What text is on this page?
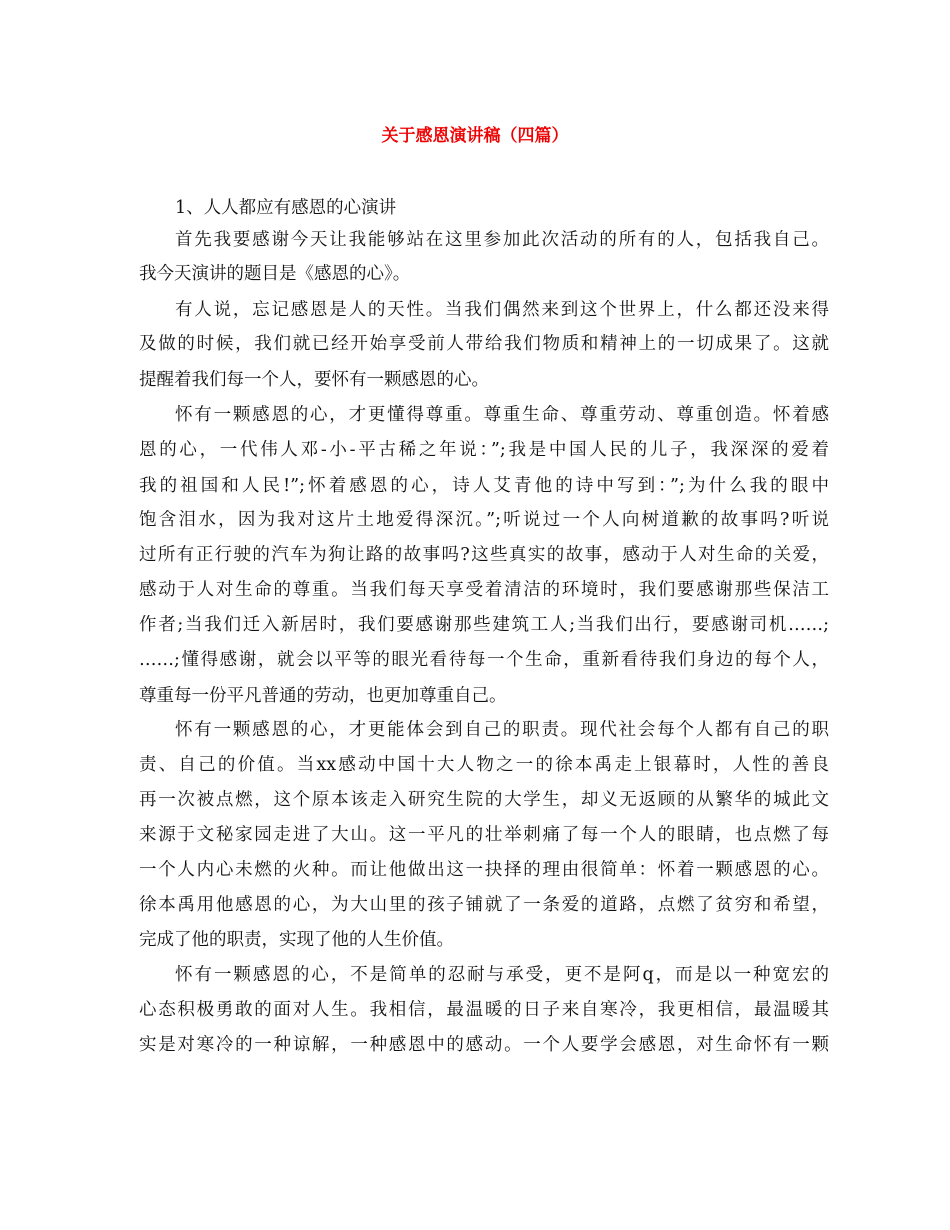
关于感恩演讲稿（四篇）

1、人人都应有感恩的心演讲

首先我要感谢今天让我能够站在这里参加此次活动的所有的人，包括我自己。

我今天演讲的题目是《感恩的心》。

有人说，忘记感恩是人的天性。当我们偶然来到这个世界上，什么都还没来得

及做的时候，我们就已经开始享受前人带给我们物质和精神上的一切成果了。这就

提醒着我们每一个人，要怀有一颗感恩的心。

怀有一颗感恩的心，才更懂得尊重。尊重生命、尊重劳动、尊重创造。怀着感

恩的心，一代伟人邓-小-平古稀之年说：”;我是中国人民的儿子，我深深的爱着

我的祖国和人民!”;怀着感恩的心，诗人艾青他的诗中写到：”;为什么我的眼中

饱含泪水，因为我对这片土地爱得深沉。”;听说过一个人向树道歉的故事吗?听说

过所有正行驶的汽车为狗让路的故事吗?这些真实的故事，感动于人对生命的关爱，

感动于人对生命的尊重。当我们每天享受着清洁的环境时，我们要感谢那些保洁工

作者;当我们迁入新居时，我们要感谢那些建筑工人;当我们出行，要感谢司机……;

……;懂得感谢，就会以平等的眼光看待每一个生命，重新看待我们身边的每个人，

尊重每一份平凡普通的劳动，也更加尊重自己。

怀有一颗感恩的心，才更能体会到自己的职责。现代社会每个人都有自己的职

责、自己的价值。当xx感动中国十大人物之一的徐本禹走上银幕时，人性的善良

再一次被点燃，这个原本该走入研究生院的大学生，却义无返顾的从繁华的城此文

来源于文秘家园走进了大山。这一平凡的壮举刺痛了每一个人的眼睛，也点燃了每

一个人内心未燃的火种。而让他做出这一抉择的理由很简单：怀着一颗感恩的心。

徐本禹用他感恩的心，为大山里的孩子铺就了一条爱的道路，点燃了贫穷和希望，

完成了他的职责，实现了他的人生价值。

怀有一颗感恩的心，不是简单的忍耐与承受，更不是阿q，而是以一种宽宏的

心态积极勇敢的面对人生。我相信，最温暖的日子来自寒冷，我更相信，最温暖其

实是对寒冷的一种谅解，一种感恩中的感动。一个人要学会感恩，对生命怀有一颗
